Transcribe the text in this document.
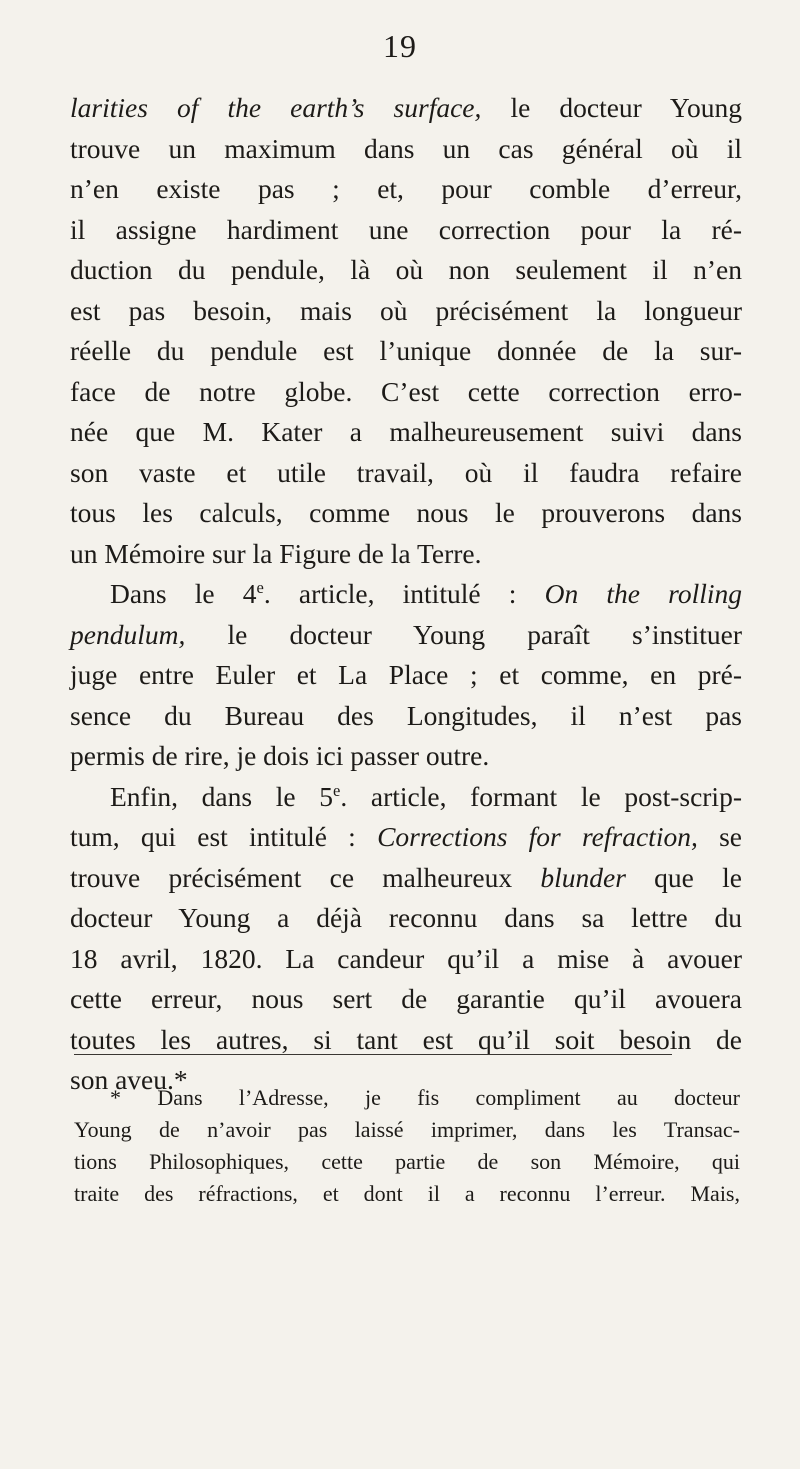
19
larities of the earth’s surface, le docteur Young
trouve un maximum dans un cas général où il
n’en existe pas ; et, pour comble d’erreur,
il assigne hardiment une correction pour la ré-
duction du pendule, là où non seulement il n’en
est pas besoin, mais où précisément la longueur
réelle du pendule est l’unique donnée de la sur-
face de notre globe. C’est cette correction erro-
née que M. Kater a malheureusement suivi dans
son vaste et utile travail, où il faudra refaire
tous les calculs, comme nous le prouverons dans
un Mémoire sur la Figure de la Terre.
Dans le 4e. article, intitulé : On the rolling
pendulum, le docteur Young paraît s’instituer
juge entre Euler et La Place ; et comme, en pré-
sence du Bureau des Longitudes, il n’est pas
permis de rire, je dois ici passer outre.
Enfin, dans le 5e. article, formant le post-scrip-
tum, qui est intitulé : Corrections for refraction, se
trouve précisément ce malheureux blunder que le
docteur Young a déjà reconnu dans sa lettre du
18 avril, 1820. La candeur qu’il a mise à avouer
cette erreur, nous sert de garantie qu’il avouera
toutes les autres, si tant est qu’il soit besoin de
son aveu.*
* Dans l’Adresse, je fis compliment au docteur
Young de n’avoir pas laissé imprimer, dans les Transac-
tions Philosophiques, cette partie de son Mémoire, qui
traite des réfractions, et dont il a reconnu l’erreur. Mais,
